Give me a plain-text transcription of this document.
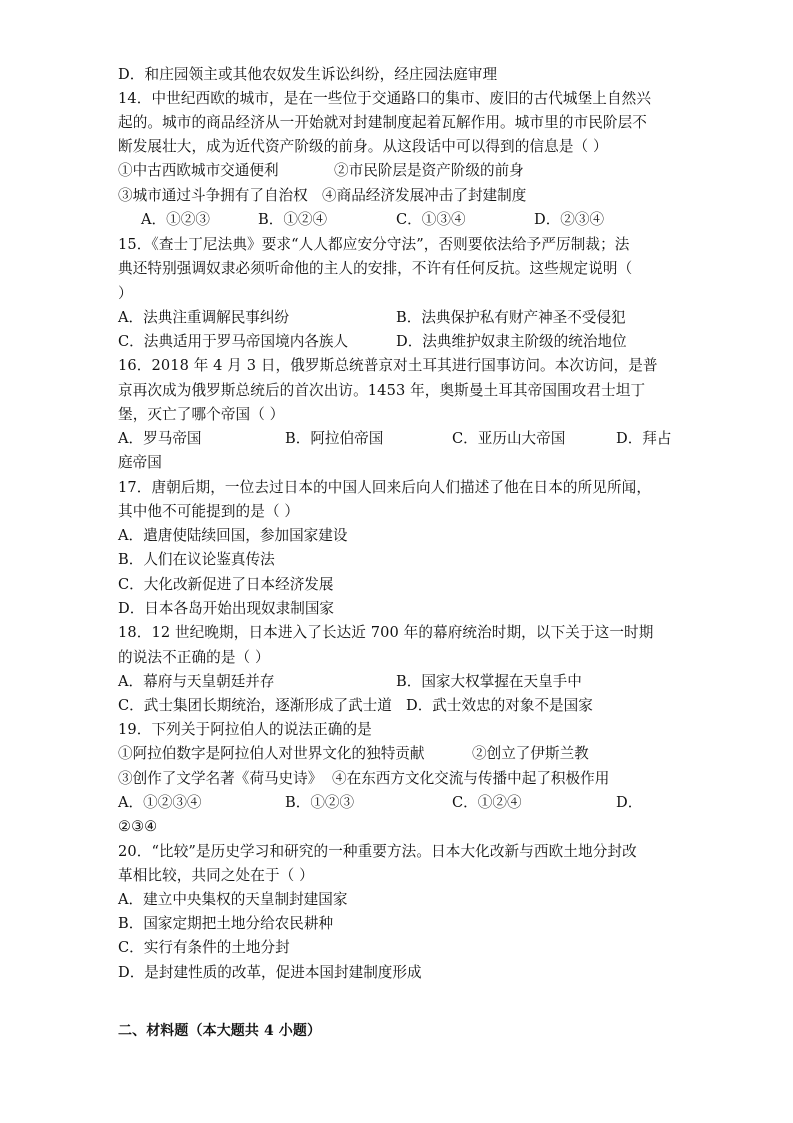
D．和庄园领主或其他农奴发生诉讼纠纷，经庄园法庭审理
14．中世纪西欧的城市，是在一些位于交通路口的集市、废旧的古代城堡上自然兴
起的。城市的商品经济从一开始就对封建制度起着瓦解作用。城市里的市民阶层不
断发展壮大，成为近代资产阶级的前身。从这段话中可以得到的信息是（ ）
①中古西欧城市交通便利	②市民阶层是资产阶级的前身
③城市通过斗争拥有了自治权 ④商品经济发展冲击了封建制度
A．①②③	B．①②④	C．①③④	D．②③④
15．《查士丁尼法典》要求“人人都应安分守法”，否则要依法给予严厉制裁；法
典还特别强调奴隶必须听命他的主人的安排，不许有任何反抗。这些规定说明（
）
A．法典注重调解民事纠纷	B．法典保护私有财产神圣不受侵犯
C．法典适用于罗马帝国境内各族人	D．法典维护奴隶主阶级的统治地位
16．2018 年 4 月 3 日，俄罗斯总统普京对土耳其进行国事访问。本次访问，是普
京再次成为俄罗斯总统后的首次出访。1453 年，奥斯曼土耳其帝国围攻君士坦丁
堡，灭亡了哪个帝国（ ）
A．罗马帝国	B．阿拉伯帝国	C．亚历山大帝国	D．拜占
庭帝国
17．唐朝后期，一位去过日本的中国人回来后向人们描述了他在日本的所见所闻，
其中他不可能提到的是（ ）
A．遣唐使陆续回国，参加国家建设
B．人们在议论鉴真传法
C．大化改新促进了日本经济发展
D．日本各岛开始出现奴隶制国家
18．12 世纪晚期，日本进入了长达近 700 年的幕府统治时期，以下关于这一时期
的说法不正确的是（ ）
A．幕府与天皇朝廷并存	B．国家大权掌握在天皇手中
C．武士集团长期统治，逐渐形成了武士道 D．武士效忠的对象不是国家
19．下列关于阿拉伯人的说法正确的是
①阿拉伯数字是阿拉伯人对世界文化的独特贡献	②创立了伊斯兰教
③创作了文学名著《荷马史诗》 ④在东西方文化交流与传播中起了积极作用
A．①②③④	B．①②③	C．①②④	D．
②③④
20．“比较”是历史学习和研究的一种重要方法。日本大化改新与西欧土地分封改
革相比较，共同之处在于（ ）
A．建立中央集权的天皇制封建国家
B．国家定期把土地分给农民耕种
C．实行有条件的土地分封
D．是封建性质的改革，促进本国封建制度形成
二、材料题（本大题共 4 小题）
